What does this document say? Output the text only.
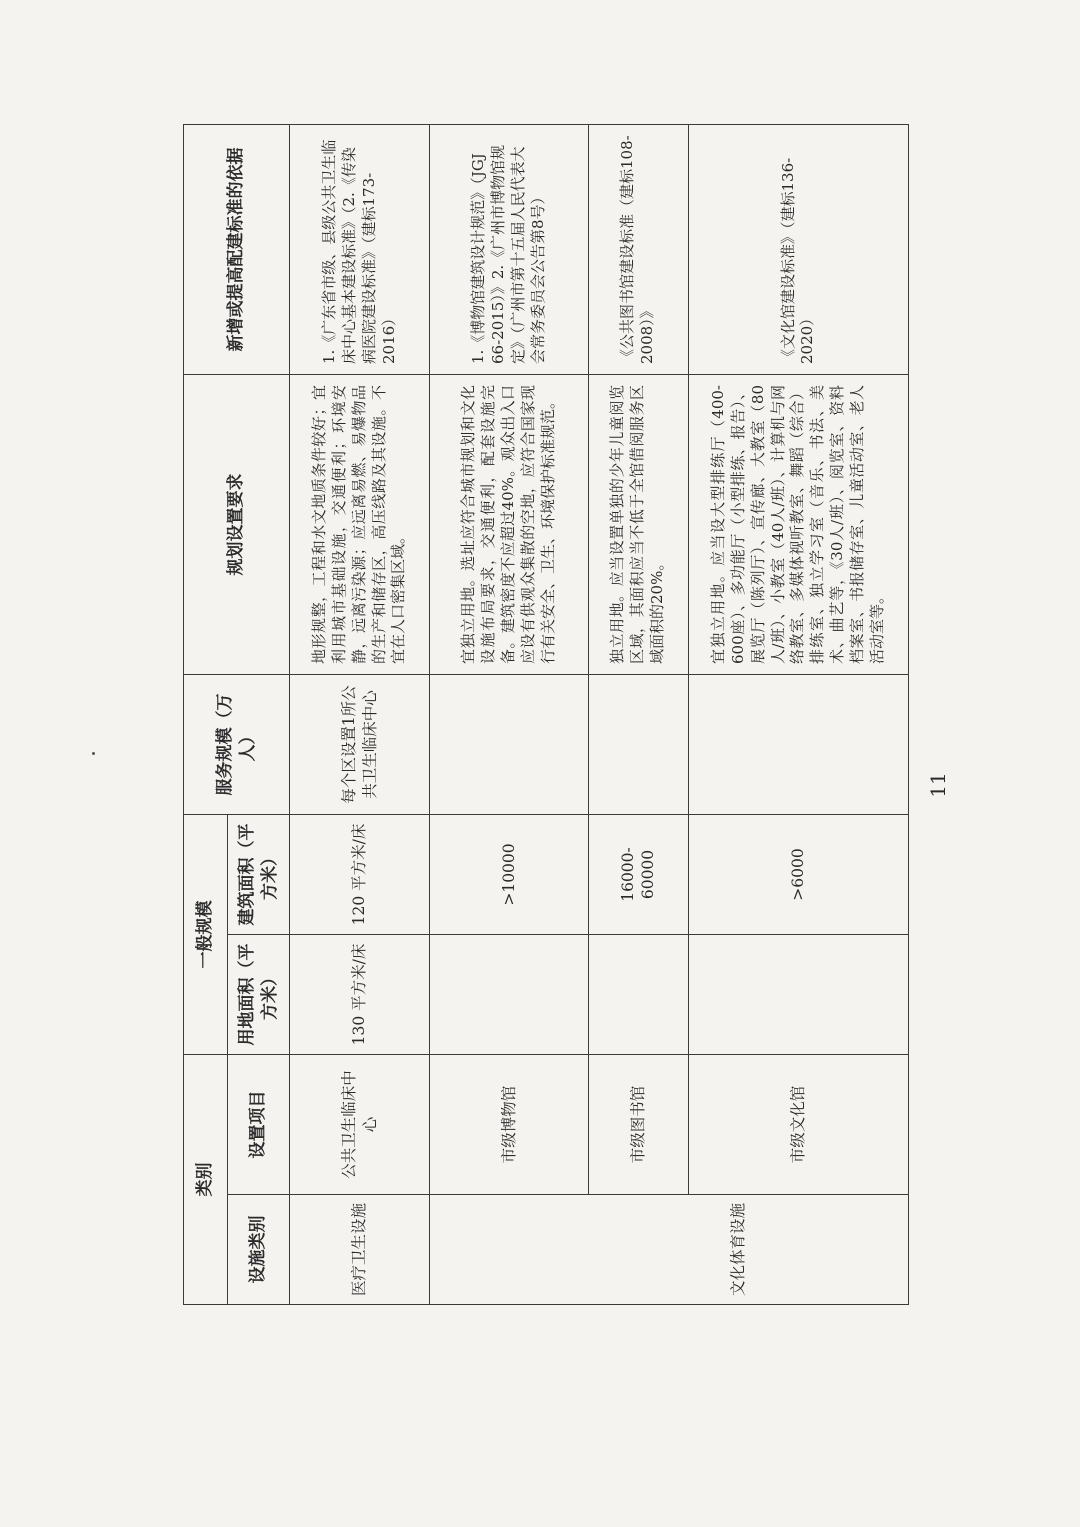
类别		一般规模		服务规模（万人）	规划设置要求	新增或提高配建标准的依据
设施类别	设置项目	用地面积（平方米）	建筑面积（平方米）			
医疗卫生设施	公共卫生临床中心	130 平方米/床	120 平方米/床	每个区设置1所公共卫生临床中心	地形规整，工程和水文地质条件较好；宜利用城市基础设施，交通便利；环境安静，远离污染源；应远离易燃、易爆物品的生产和储存区，高压线路及其设施。不宜在人口密集区域。	1.《广东省市级、县级公共卫生临床中心基本建设标准》（2.《传染病医院建设标准》（建标173-2016）
文化体育设施	市级博物馆		>10000		宜独立用地。选址应符合城市规划和文化设施布局要求，交通便利，配套设施完备。建筑密度不应超过40%。观众出入口应设有供观众集散的空地，应符合国家现行有关安全、卫生、环境保护标准规范。	1.《博物馆建筑设计规范》（JGJ 66-2015）》2.《广州市博物馆规定》（广州市第十五届人民代表大会常务委员会公告第8号）
	市级图书馆		16000-60000		独立用地。应当设置单独的少年儿童阅览区域，其面积应当不低于全馆借阅服务区域面积的20%。	《公共图书馆建设标准（建标108-2008）》
	市级文化馆		>6000		宜独立用地。应当设大型排练厅（400-600座）、多功能厅（小型排练、报告）、展览厅（陈列厅）、宣传廊、大教室（80人/班）、小教室（40人/班）、计算机与网络教室、多媒体视听教室、舞蹈（综合）排练室、独立学习室（音乐、书法、美术、曲艺等，《30人/班）、阅览室、资料档案室、书报储存室、儿童活动室、老人活动室等。	《文化馆建设标准》（建标136-2020）
11
